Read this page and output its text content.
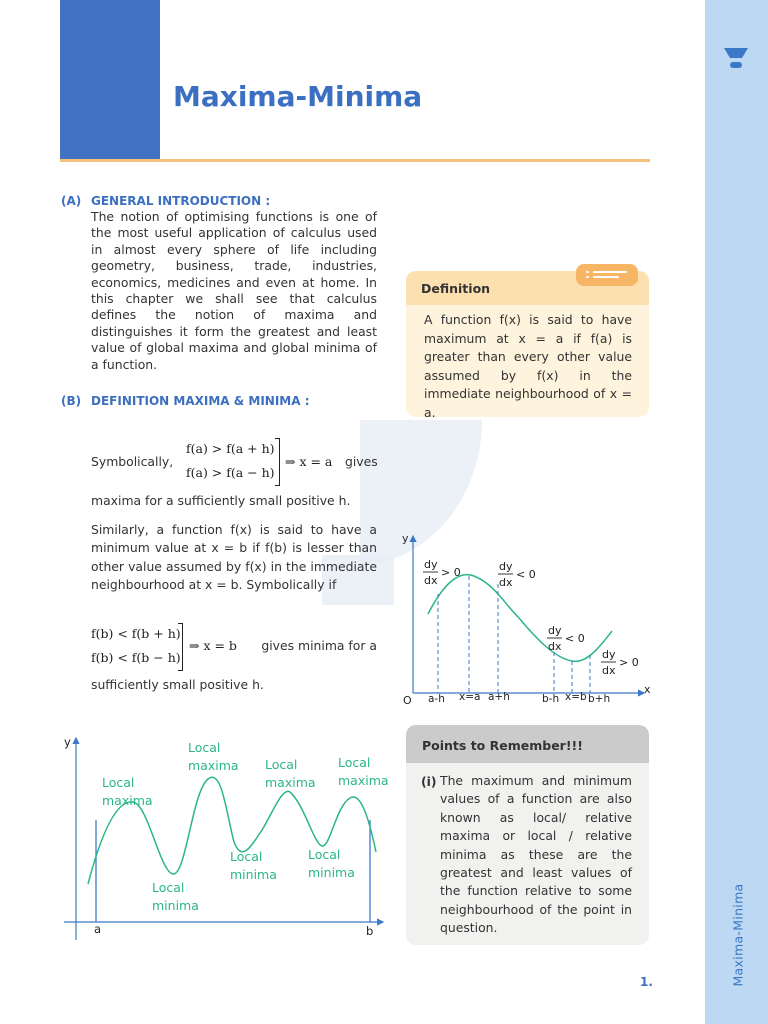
Maxima-Minima
Maxima-Minima
(A) GENERAL INTRODUCTION :
The notion of optimising functions is one of the most useful application of calculus used in almost every sphere of life including geometry, business, trade, industries, economics, medicines and even at home. In this chapter we shall see that calculus defines the notion of maxima and distinguishes it form the greatest and least value of global maxima and global minima of a function.
(B) DEFINITION MAXIMA & MINIMA :
Symbolically,
f(a) > f(a + h)
f(a) > f(a − h)
⇒ x = a gives
maxima for a sufficiently small positive h.
Similarly, a function f(x) is said to have a minimum value at x = b if f(b) is lesser than other value assumed by f(x) in the immediate neighbourhood at x = b. Symbolically if
f(b) < f(b + h)
f(b) < f(b − h)
⇒ x = b	gives minima for a
sufficiently small positive h.
Definition
A function f(x) is said to have maximum at x = a if f(a) is greater than every other value assumed by f(x) in the immediate neighbourhood of x = a.
y
x
O
dy
dx
> 0	dy
dx
< 0
dy
dx
< 0
dy
dx
> 0
a-h x=a a+h	b-h x=b b+h
y
a	b
Local
maxima
Local
maxima Local
maxima
Local
maxima
Local
minima
Local
minima
Local
minima
Points to Remember!!!
(i) The maximum and minimum values of a function are also known as local/ relative maxima or local / relative minima as these are the greatest and least values of the function relative to some neighbourhood of the point in question.
1.
